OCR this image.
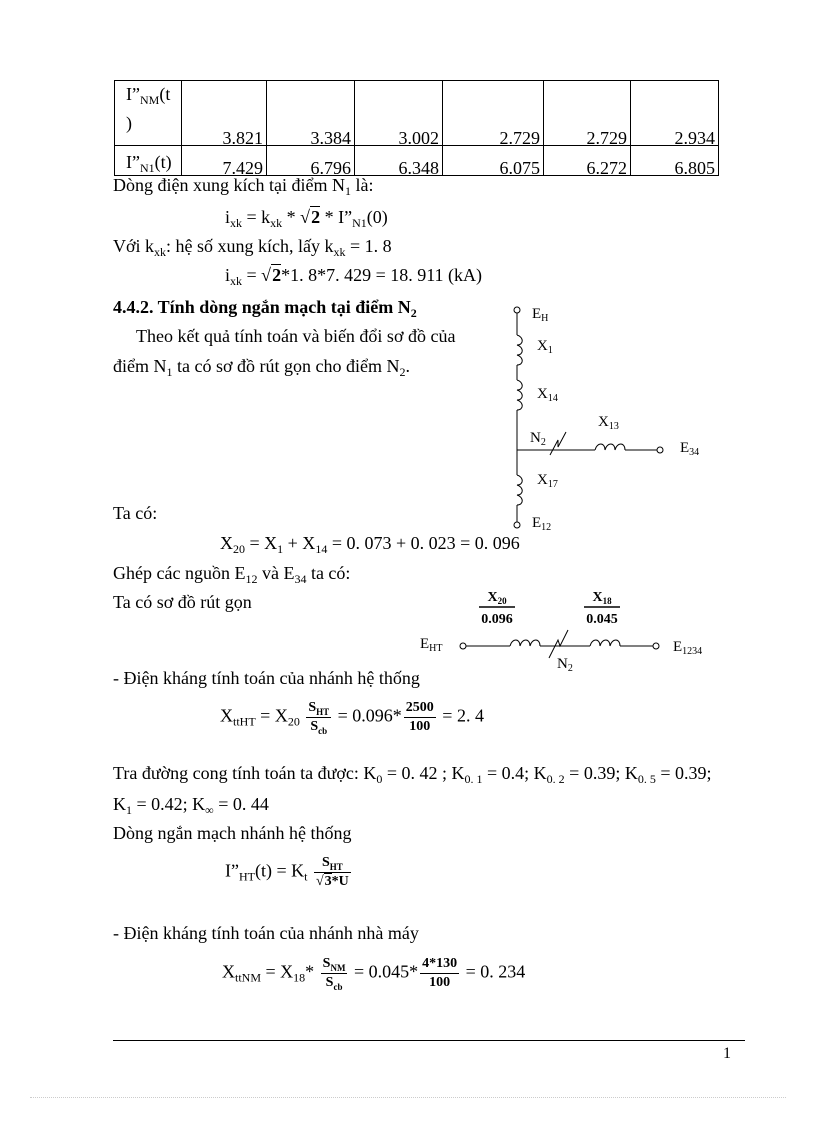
$I”_{NM}(t$
)	3.821	3.384	3.002	2.729	2.729	2.934
$I”_{N1}(t)$	7.429	6.796	6.348	6.075	6.272	6.805
Dòng điện xung kích tại điểm $N_1$ là:
$i_{xk} = k_{xk} * √2$ * $I”_{N1}(0)$
Với $k_{xk}$: hệ số xung kích, lấy $k_{xk} = 1$. 8
$i_{xk} = √2*1$. 8*7. 429 = 18. 911 (kA)
4.4.2. Tính dòng ngắn mạch tại điểm $N_2$
Theo kết quả tính toán và biến đổi sơ đồ của
điểm $N_1$ ta có sơ đồ rút gọn cho điểm $N_2$.
$E_H$
$X_1$
$X_{14}$
$X_{13}$
$N_2$	$E_{34}$
$X_{17}$
$E_{12}$
Ta có:
$X_{20} = X_1 + X_{14} = 0$. 073 + 0. 023 = 0. 096
Ghép các nguồn $E_{12}$ và $E_{34}$ ta có:
Ta có sơ đồ rút gọn	$X_{20}$
0.096
$X_{18}$
0.045
$E_{HT}$
$N_2$
$E_{1234}$
- Điện kháng tính toán của nhánh hệ thống
$X_{ttHT} = X_{20} \frac{S_{HT}}{S_{cb}} = 0.096* \frac{2500}{100} = 2$. 4
Tra đường cong tính toán ta được: $K_0 = 0$. 42 ; $K_{0. 1} = 0.4$; $K_{0. 2} = 0.39$; $K_{0. 5} = 0.39$;
$K_1 = 0.42$; $K_\infty = 0$. 44
Dòng ngắn mạch nhánh hệ thống
$I”_{HT}(t) = K_t \frac{S_{HT}}{√3*U}$
- Điện kháng tính toán của nhánh nhà máy
$X_{ttNM} = X_{18}* \frac{S_{NM}}{S_{cb}} = 0.045* \frac{4*130}{100} = 0$. 234
1
